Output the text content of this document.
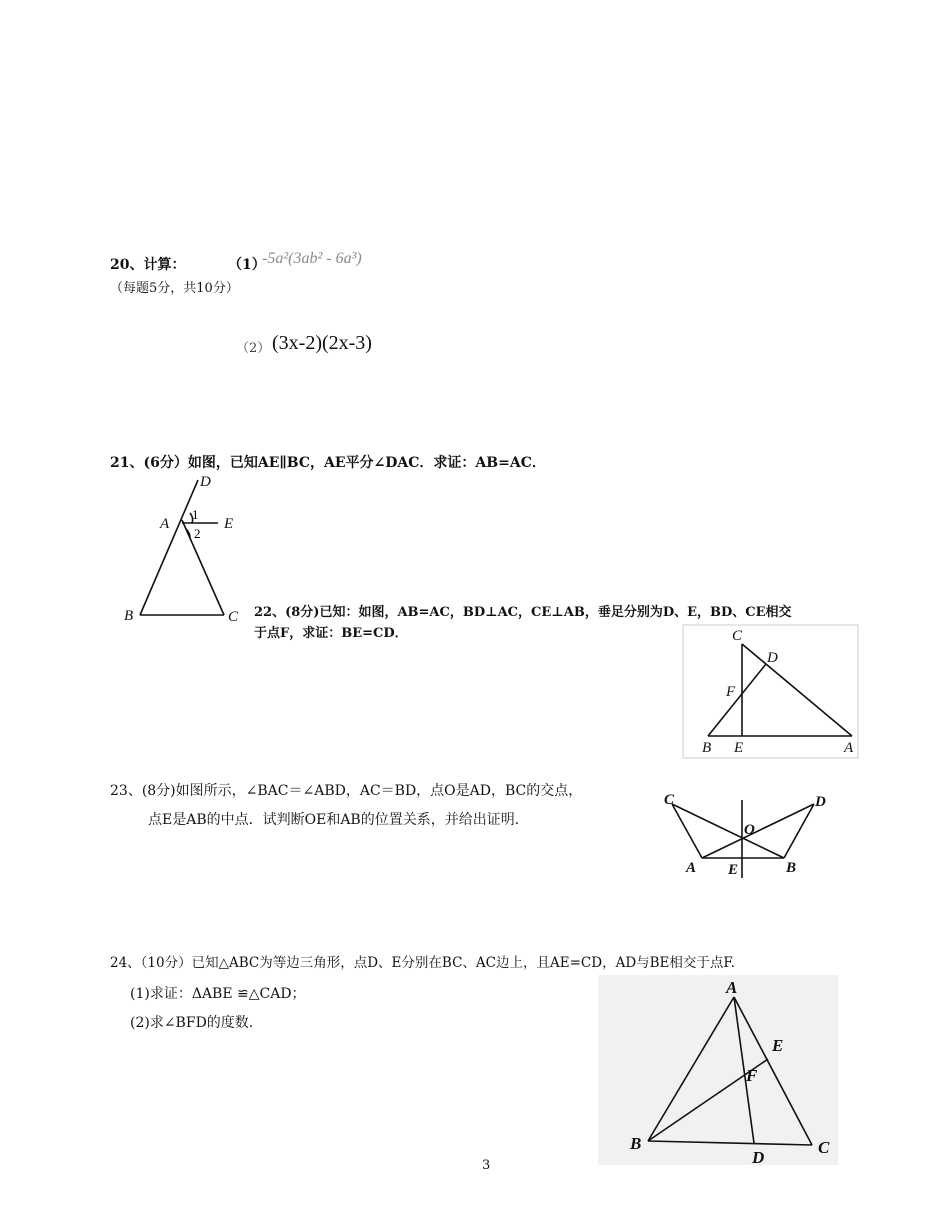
20、计算：	（1）
-5a²(3ab² - 6a³)
（每题5分，共10分）
（2） (3x-2)(2x-3)
21、(6分）如图，已知AE∥BC，AE平分∠DAC．求证：AB=AC．
D
A	E
1
2
B	C 22、(8分)已知：如图，AB=AC，BD⊥AC，CE⊥AB，垂足分别为D、E，BD、CE相交
于点F，求证：BE=CD．	C
D
F
B E	A
23、(8分)如图所示，∠BAC＝∠ABD，AC＝BD，点O是AD，BC的交点，
点E是AB的中点．试判断OE和AB的位置关系，并给出证明．
C	D
O
A E	B
24、（10分）已知△ABC为等边三角形，点D、E分别在BC、AC边上，且AE=CD，AD与BE相交于点F.
(1)求证：ΔABE ≌△CAD；
(2)求∠BFD的度数.
A
E
F
B
D
C
3
